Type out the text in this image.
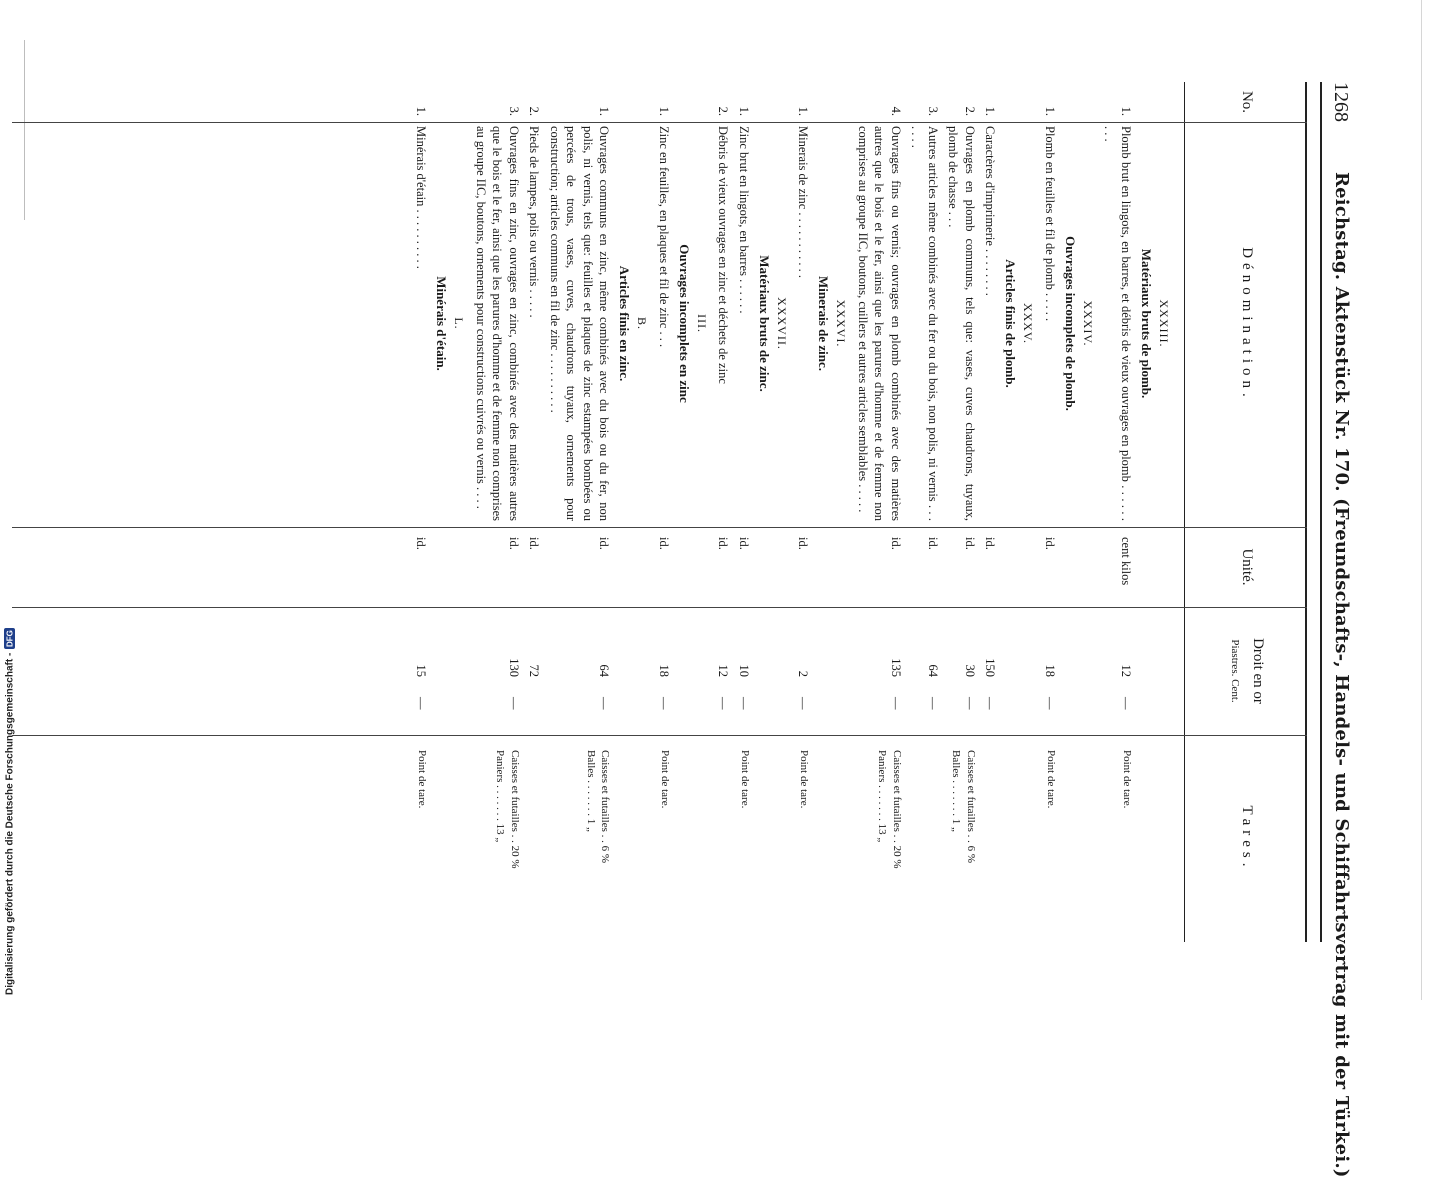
Digitalisierung gefördert durch die Deutsche Forschungsgemeinschaft -
DFG
1268
Reichstag. Aktenstück Nr. 170. (Freundschafts-, Handels- und Schiffahrtsvertrag mit der Türkei.)
No.
Dénomination.
Unité.
Droit en or
Piastres. Cent.
Tares.
XXXIII.
Matériaux bruts de plomb.
1.
Plomb brut en lingots, en barres, et débris de vieux ouvrages en plomb . . . . . . . . .
cent kilos
12
—
Point de tare.
XXXIV.
Ouvrages incomplets de plomb.
1.
Plomb en feuilles et fil de plomb . . . . .
id.
18
—
Point de tare.
XXXV.
Articles finis de plomb.
1.
Caractères d'imprimerie . . . . . . . .
id.
150
—
2.
Ouvrages en plomb communs, tels que: vases, cuves chaudrons, tuyaux, plomb de chasse . . .
id.
30
—
Caisses et futailles . . 6 %
Balles . . . . . . . 1 „
3.
Autres articles même combinés avec du fer ou du bois, non polis, ni vernis . . . . . . .
id.
64
—
4.
Ouvrages fins ou vernis; ouvrages en plomb combinés avec des matières autres que le bois et le fer, ainsi que les parures d'homme et de femme non comprises au groupe IIC, boutons, cuillers et autres articles semblables . . . . .
id.
135
—
Caisses et futailles . . 20 %
Paniers . . . . . . . 13 „
XXXVI.
Minerais de zinc.
1.
Minerais de zinc . . . . . . . . . . .
id.
2
—
Point de tare.
XXXVII.
Matériaux bruts de zinc.
1.
Zinc brut en lingots, en barres . . . . . .
id.
10
—
Point de tare.
2.
Débris de vieux ouvrages en zinc et déchets de zinc
id.
12
—
III.
Ouvrages incomplets en zinc
1.
Zinc en feuilles, en plaques et fil de zinc . . .
id.
18
—
Point de tare.
B.
Articles finis en zinc.
1.
Ouvrages communs en zinc, même combinés avec du bois ou du fer, non polis, ni vernis, tels que: feuilles et plaques de zinc estampées bombées ou percées de trous, vases, cuves, chaudrons tuyaux, ornements pour construction; articles communs en fil de zinc . . . . . . . . . .
id.
64
—
Caisses et futailles . . 6 %
Balles . . . . . . . 1 „
2.
Pieds de lampes, polis ou vernis . . . . .
id.
72
3.
Ouvrages fins en zinc, ouvrages en zinc, combinés avec des matières autres que le bois et le fer, ainsi que les parures d'homme et de femme non comprises au groupe IIC, boutons, ornements pour constructions cuivrés ou vernis . . . .
id.
130
—
Caisses et futailles . . 20 %
Paniers . . . . . . . 13 „
L.
Minérais d'étain.
1.
Minérais d'étain . . . . . . . . . .
id.
15
—
Point de tare.
